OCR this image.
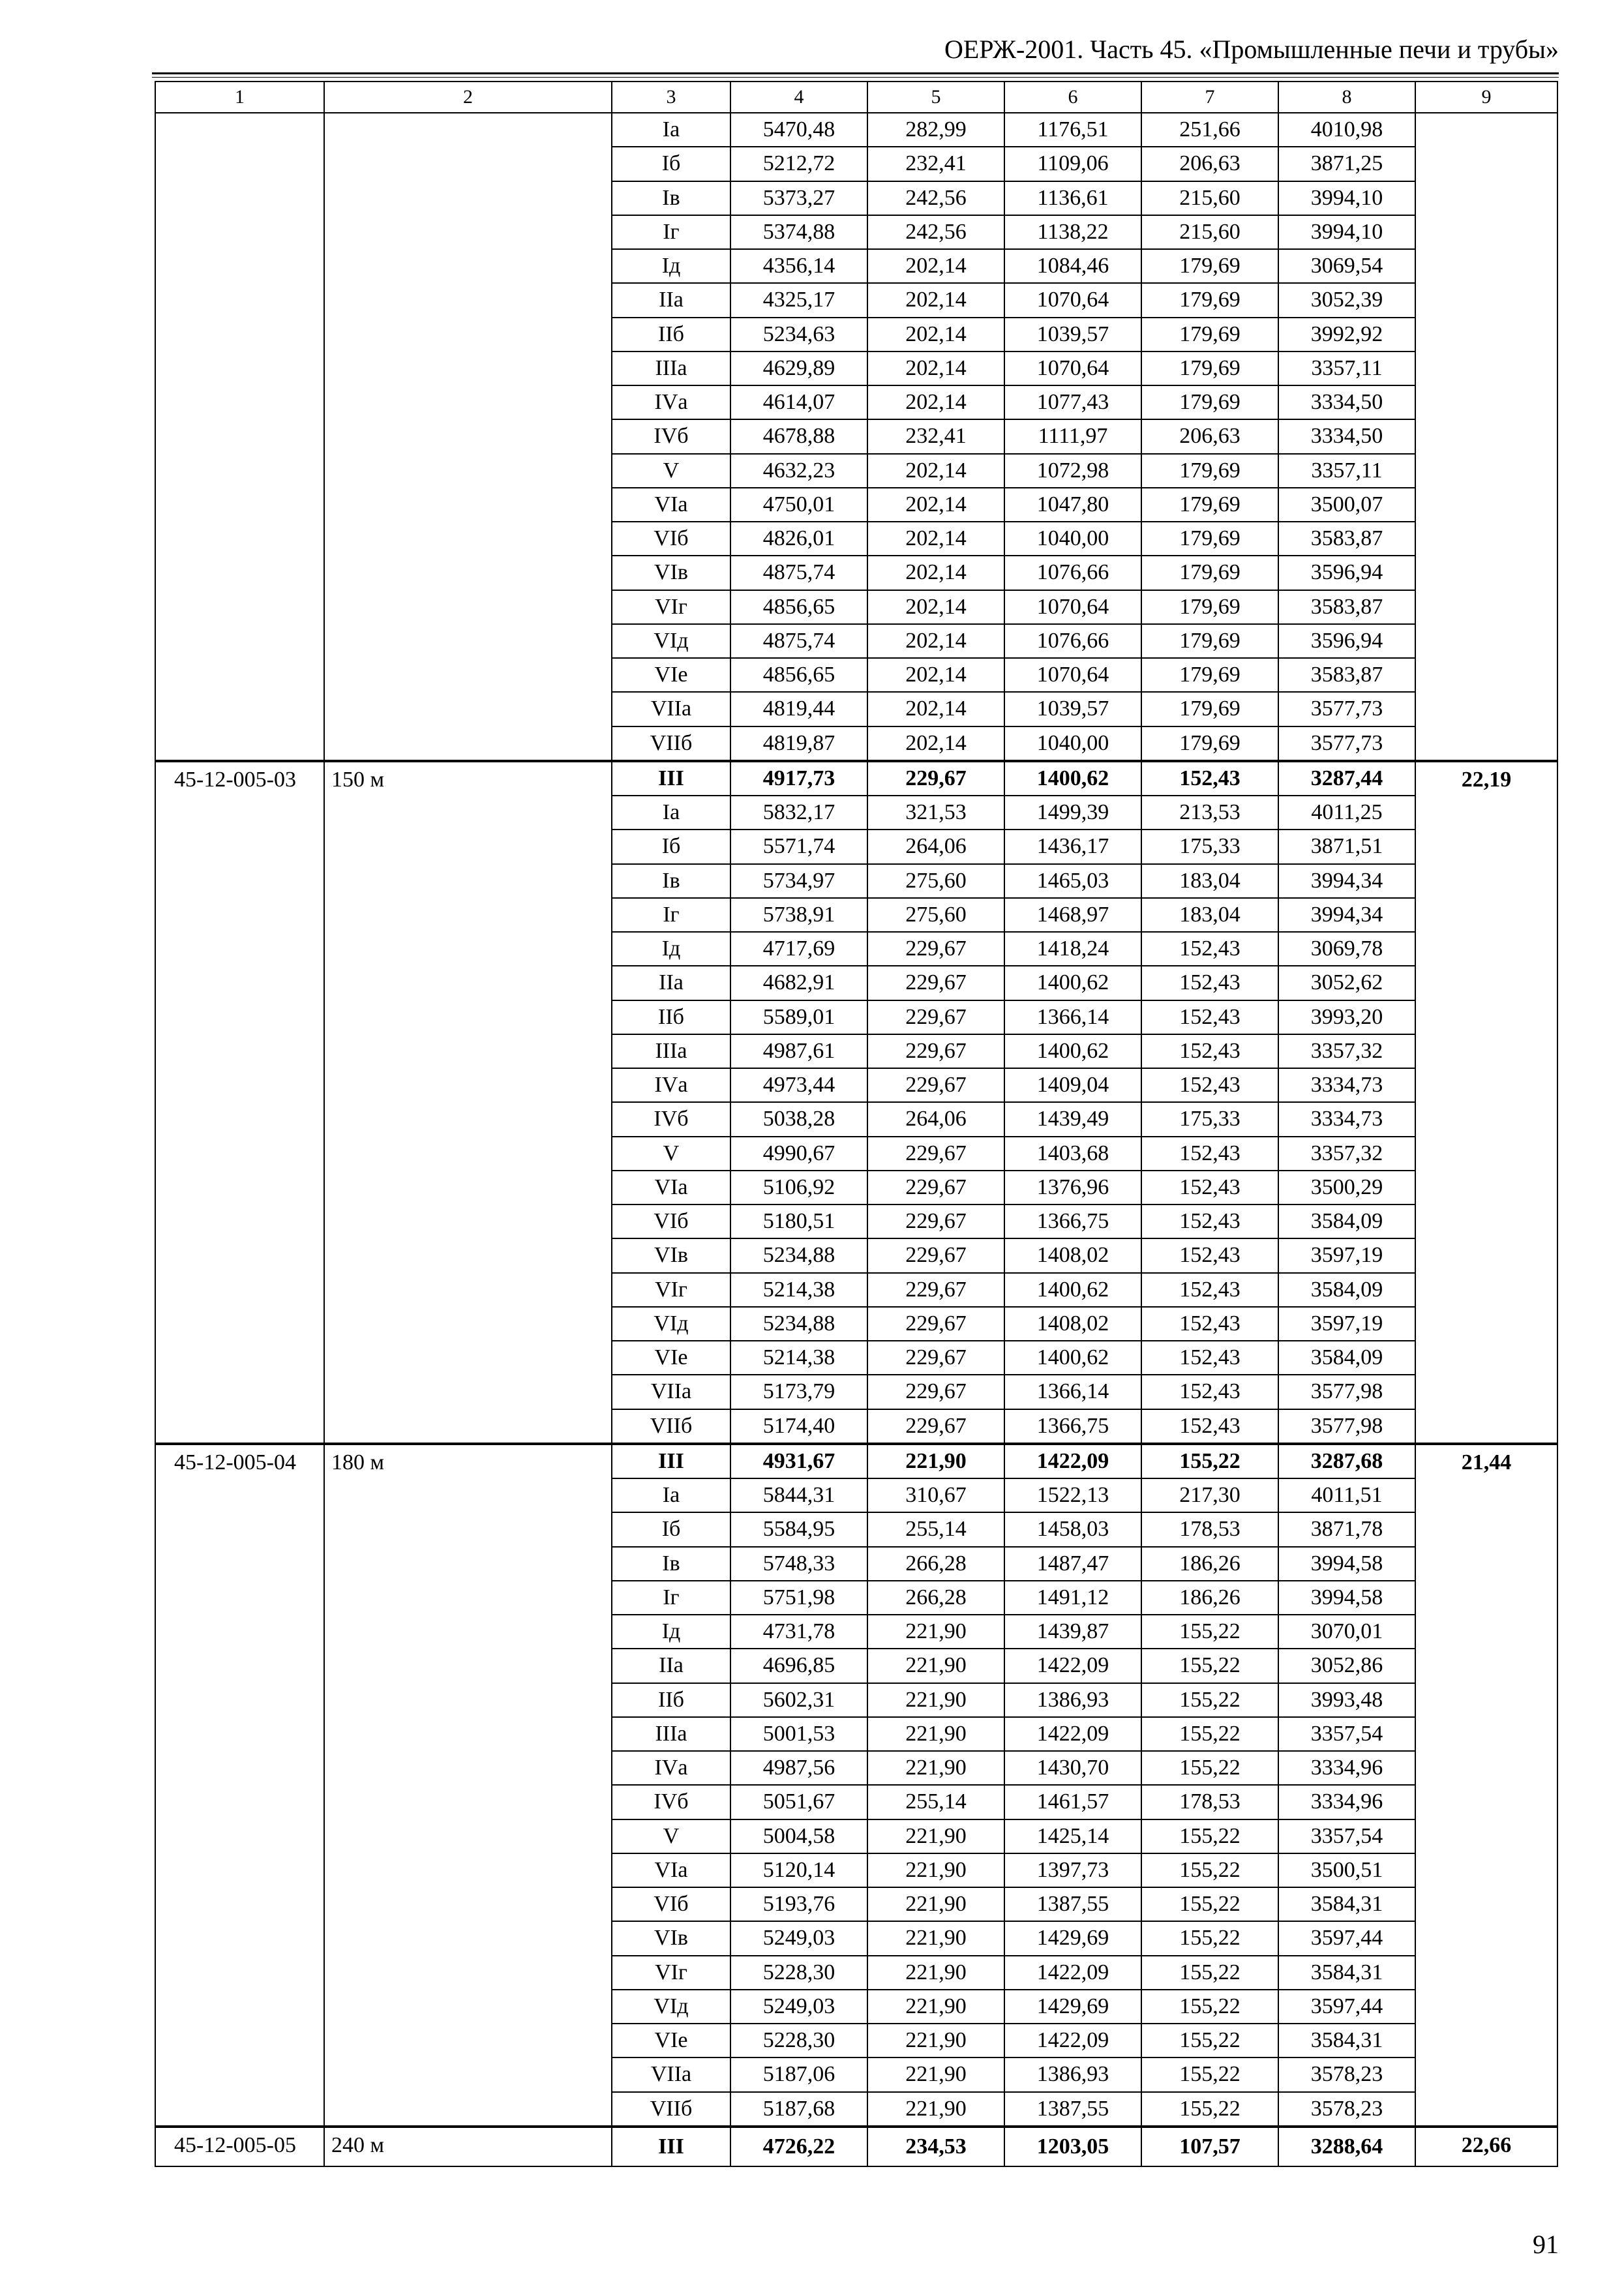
ОЕРЖ-2001. Часть 45. «Промышленные печи и трубы»
1	2	3	4	5	6	7	8	9
		Iа	5470,48	282,99	1176,51	251,66	4010,98	
		Iб	5212,72	232,41	1109,06	206,63	3871,25	
		Iв	5373,27	242,56	1136,61	215,60	3994,10	
		Iг	5374,88	242,56	1138,22	215,60	3994,10	
		Iд	4356,14	202,14	1084,46	179,69	3069,54	
		IIа	4325,17	202,14	1070,64	179,69	3052,39	
		IIб	5234,63	202,14	1039,57	179,69	3992,92	
		IIIа	4629,89	202,14	1070,64	179,69	3357,11	
		IVа	4614,07	202,14	1077,43	179,69	3334,50	
		IVб	4678,88	232,41	1111,97	206,63	3334,50	
		V	4632,23	202,14	1072,98	179,69	3357,11	
		VIа	4750,01	202,14	1047,80	179,69	3500,07	
		VIб	4826,01	202,14	1040,00	179,69	3583,87	
		VIв	4875,74	202,14	1076,66	179,69	3596,94	
		VIг	4856,65	202,14	1070,64	179,69	3583,87	
		VIд	4875,74	202,14	1076,66	179,69	3596,94	
		VIе	4856,65	202,14	1070,64	179,69	3583,87	
		VIIа	4819,44	202,14	1039,57	179,69	3577,73	
		VIIб	4819,87	202,14	1040,00	179,69	3577,73	
45-12-005-03	150 м	III	4917,73	229,67	1400,62	152,43	3287,44	22,19
		Iа	5832,17	321,53	1499,39	213,53	4011,25	
		Iб	5571,74	264,06	1436,17	175,33	3871,51	
		Iв	5734,97	275,60	1465,03	183,04	3994,34	
		Iг	5738,91	275,60	1468,97	183,04	3994,34	
		Iд	4717,69	229,67	1418,24	152,43	3069,78	
		IIа	4682,91	229,67	1400,62	152,43	3052,62	
		IIб	5589,01	229,67	1366,14	152,43	3993,20	
		IIIа	4987,61	229,67	1400,62	152,43	3357,32	
		IVа	4973,44	229,67	1409,04	152,43	3334,73	
		IVб	5038,28	264,06	1439,49	175,33	3334,73	
		V	4990,67	229,67	1403,68	152,43	3357,32	
		VIа	5106,92	229,67	1376,96	152,43	3500,29	
		VIб	5180,51	229,67	1366,75	152,43	3584,09	
		VIв	5234,88	229,67	1408,02	152,43	3597,19	
		VIг	5214,38	229,67	1400,62	152,43	3584,09	
		VIд	5234,88	229,67	1408,02	152,43	3597,19	
		VIе	5214,38	229,67	1400,62	152,43	3584,09	
		VIIа	5173,79	229,67	1366,14	152,43	3577,98	
		VIIб	5174,40	229,67	1366,75	152,43	3577,98	
45-12-005-04	180 м	III	4931,67	221,90	1422,09	155,22	3287,68	21,44
		Iа	5844,31	310,67	1522,13	217,30	4011,51	
		Iб	5584,95	255,14	1458,03	178,53	3871,78	
		Iв	5748,33	266,28	1487,47	186,26	3994,58	
		Iг	5751,98	266,28	1491,12	186,26	3994,58	
		Iд	4731,78	221,90	1439,87	155,22	3070,01	
		IIа	4696,85	221,90	1422,09	155,22	3052,86	
		IIб	5602,31	221,90	1386,93	155,22	3993,48	
		IIIа	5001,53	221,90	1422,09	155,22	3357,54	
		IVа	4987,56	221,90	1430,70	155,22	3334,96	
		IVб	5051,67	255,14	1461,57	178,53	3334,96	
		V	5004,58	221,90	1425,14	155,22	3357,54	
		VIа	5120,14	221,90	1397,73	155,22	3500,51	
		VIб	5193,76	221,90	1387,55	155,22	3584,31	
		VIв	5249,03	221,90	1429,69	155,22	3597,44	
		VIг	5228,30	221,90	1422,09	155,22	3584,31	
		VIд	5249,03	221,90	1429,69	155,22	3597,44	
		VIе	5228,30	221,90	1422,09	155,22	3584,31	
		VIIа	5187,06	221,90	1386,93	155,22	3578,23	
		VIIб	5187,68	221,90	1387,55	155,22	3578,23	
45-12-005-05	240 м	III	4726,22	234,53	1203,05	107,57	3288,64	22,66
91
